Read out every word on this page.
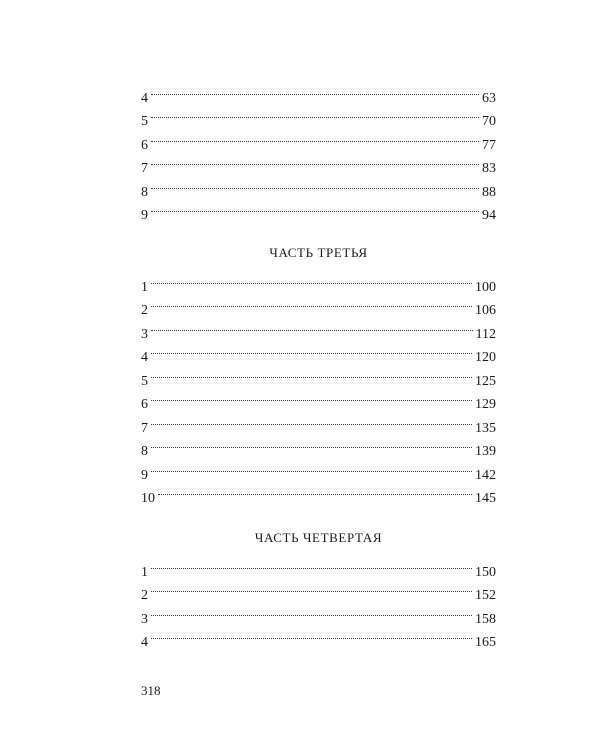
4	63
5	70
6	77
7	83
8	88
9	94
ЧАСТЬ ТРЕТЬЯ
1	100
2	106
3	112
4	120
5	125
6	129
7	135
8	139
9	142
10	145
ЧАСТЬ ЧЕТВЕРТАЯ
1	150
2	152
3	158
4	165
318
